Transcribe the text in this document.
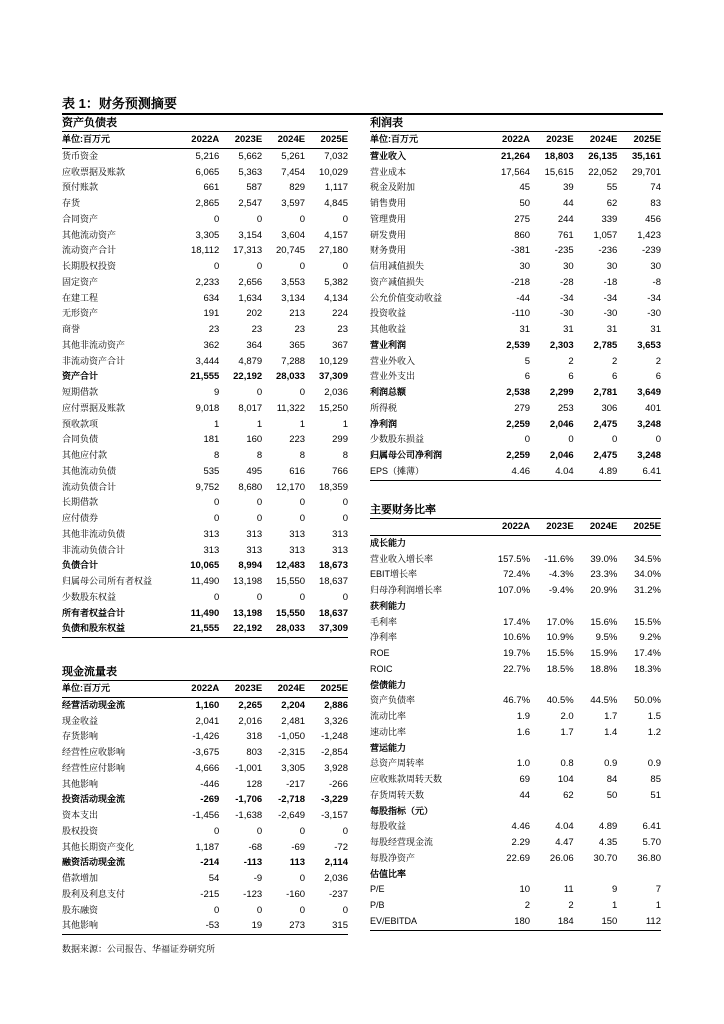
表 1：财务预测摘要
资产负债表
单位:百万元	2022A	2023E	2024E	2025E
货币资金	5,216	5,662	5,261	7,032
应收票据及账款	6,065	5,363	7,454	10,029
预付账款	661	587	829	1,117
存货	2,865	2,547	3,597	4,845
合同资产	0	0	0	0
其他流动资产	3,305	3,154	3,604	4,157
流动资产合计	18,112	17,313	20,745	27,180
长期股权投资	0	0	0	0
固定资产	2,233	2,656	3,553	5,382
在建工程	634	1,634	3,134	4,134
无形资产	191	202	213	224
商誉	23	23	23	23
其他非流动资产	362	364	365	367
非流动资产合计	3,444	4,879	7,288	10,129
资产合计	21,555	22,192	28,033	37,309
短期借款	9	0	0	2,036
应付票据及账款	9,018	8,017	11,322	15,250
预收款项	1	1	1	1
合同负债	181	160	223	299
其他应付款	8	8	8	8
其他流动负债	535	495	616	766
流动负债合计	9,752	8,680	12,170	18,359
长期借款	0	0	0	0
应付债券	0	0	0	0
其他非流动负债	313	313	313	313
非流动负债合计	313	313	313	313
负债合计	10,065	8,994	12,483	18,673
归属母公司所有者权益	11,490	13,198	15,550	18,637
少数股东权益	0	0	0	0
所有者权益合计	11,490	13,198	15,550	18,637
负债和股东权益	21,555	22,192	28,033	37,309
现金流量表
单位:百万元	2022A	2023E	2024E	2025E
经营活动现金流	1,160	2,265	2,204	2,886
现金收益	2,041	2,016	2,481	3,326
存货影响	-1,426	318	-1,050	-1,248
经营性应收影响	-3,675	803	-2,315	-2,854
经营性应付影响	4,666	-1,001	3,305	3,928
其他影响	-446	128	-217	-266
投资活动现金流	-269	-1,706	-2,718	-3,229
资本支出	-1,456	-1,638	-2,649	-3,157
股权投资	0	0	0	0
其他长期资产变化	1,187	-68	-69	-72
融资活动现金流	-214	-113	113	2,114
借款增加	54	-9	0	2,036
股利及利息支付	-215	-123	-160	-237
股东融资	0	0	0	0
其他影响	-53	19	273	315
利润表
单位:百万元	2022A	2023E	2024E	2025E
营业收入	21,264	18,803	26,135	35,161
营业成本	17,564	15,615	22,052	29,701
税金及附加	45	39	55	74
销售费用	50	44	62	83
管理费用	275	244	339	456
研发费用	860	761	1,057	1,423
财务费用	-381	-235	-236	-239
信用减值损失	30	30	30	30
资产减值损失	-218	-28	-18	-8
公允价值变动收益	-44	-34	-34	-34
投资收益	-110	-30	-30	-30
其他收益	31	31	31	31
营业利润	2,539	2,303	2,785	3,653
营业外收入	5	2	2	2
营业外支出	6	6	6	6
利润总额	2,538	2,299	2,781	3,649
所得税	279	253	306	401
净利润	2,259	2,046	2,475	3,248
少数股东损益	0	0	0	0
归属母公司净利润	2,259	2,046	2,475	3,248
EPS（摊薄）	4.46	4.04	4.89	6.41
主要财务比率
	2022A	2023E	2024E	2025E
成长能力				
营业收入增长率	157.5%	-11.6%	39.0%	34.5%
EBIT增长率	72.4%	-4.3%	23.3%	34.0%
归母净利润增长率	107.0%	-9.4%	20.9%	31.2%
获利能力				
毛利率	17.4%	17.0%	15.6%	15.5%
净利率	10.6%	10.9%	9.5%	9.2%
ROE	19.7%	15.5%	15.9%	17.4%
ROIC	22.7%	18.5%	18.8%	18.3%
偿债能力				
资产负债率	46.7%	40.5%	44.5%	50.0%
流动比率	1.9	2.0	1.7	1.5
速动比率	1.6	1.7	1.4	1.2
营运能力				
总资产周转率	1.0	0.8	0.9	0.9
应收账款周转天数	69	104	84	85
存货周转天数	44	62	50	51
每股指标（元）				
每股收益	4.46	4.04	4.89	6.41
每股经营现金流	2.29	4.47	4.35	5.70
每股净资产	22.69	26.06	30.70	36.80
估值比率				
P/E	10	11	9	7
P/B	2	2	1	1
EV/EBITDA	180	184	150	112
数据来源：公司报告、华福证券研究所
